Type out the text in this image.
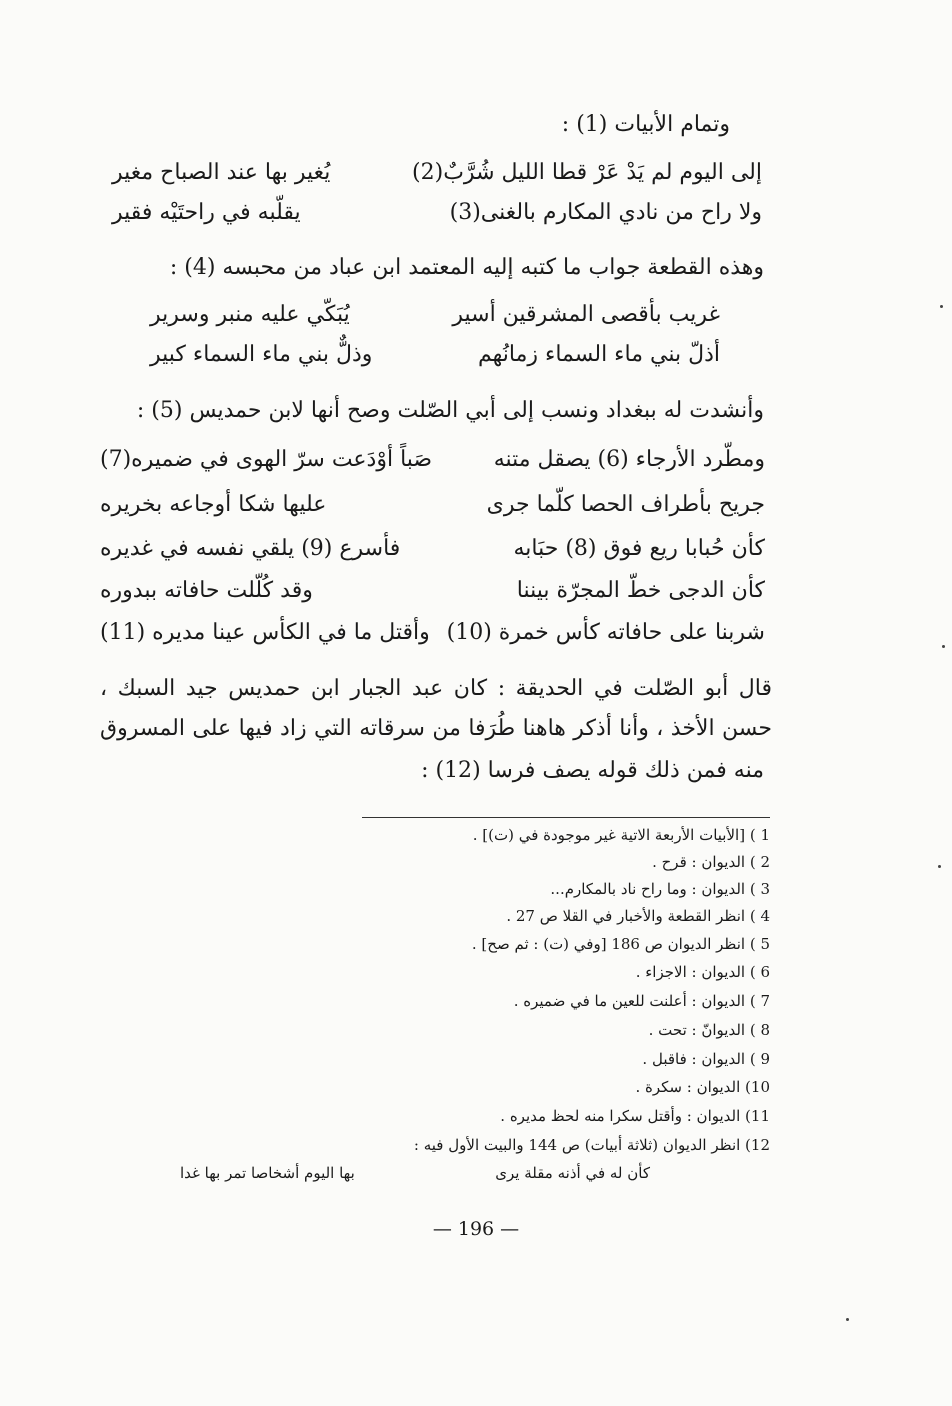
وتمام الأبيات (1) :
إلى اليوم لم يَدْ عَرْ قطا الليل شُرَّبٌ(2)
يُغير بها عند الصباح مغير
ولا راح من نادي المكارم بالغنى(3)
يقلّبه في راحتَيْه فقير
وهذه القطعة جواب ما كتبه إليه المعتمد ابن عباد من محبسه (4) :
غريب بأقصى المشرقين أسير
يُبَكّي عليه منبر وسرير
أذلّ بني ماء السماء زمانُهم
وذلٌّ بني ماء السماء كبير
وأنشدت له ببغداد ونسب إلى أبي الصّلت وصح أنها لابن حمديس (5) :
ومطّرد الأرجاء (6) يصقل متنه
صَباً أوْدَعت سرّ الهوى في ضميره(7)
جريح بأطراف الحصا كلّما جرى
عليها شكا أوجاعه بخريره
كأن حُبابا ريع فوق (8) حبَابه
فأسرع (9) يلقي نفسه في غديره
كأن الدجى خطّ المجرّة بيننا
وقد كُلّلت حافاته ببدوره
شربنا على حافاته كأس خمرة (10)
وأقتل ما في الكأس عينا مديره (11)
قال أبو الصّلت في الحديقة : كان عبد الجبار ابن حمديس جيد السبك ،
حسن الأخذ ، وأنا أذكر هاهنا طُرَفا من سرقاته التي زاد فيها على المسروق
منه فمن ذلك قوله يصف فرسا (12) :
1 ) [الأبيات الأربعة الاتية غير موجودة في (ت)] .
2 ) الديوان : قرح .
3 ) الديوان : وما راح ناد بالمكارم...
4 ) انظر القطعة والأخبار في القلا ص 27 .
5 ) انظر الديوان ص 186 [وفي (ت) : ثم صح] .
6 ) الديوان : الاجزاء .
7 ) الديوان : أعلنت للعين ما في ضميره .
8 ) الديوانّ : تحت .
9 ) الديوان : فاقبل .
10) الديوان : سكرة .
11) الديوان : وأقتل سكرا منه لحظ مديره .
12) انظر الديوان (ثلاثة أبيات) ص 144 والبيت الأول فيه :
كأن له في أذنه مقلة يرى
بها اليوم أشخاصا تمر بها غدا
— 196 —
